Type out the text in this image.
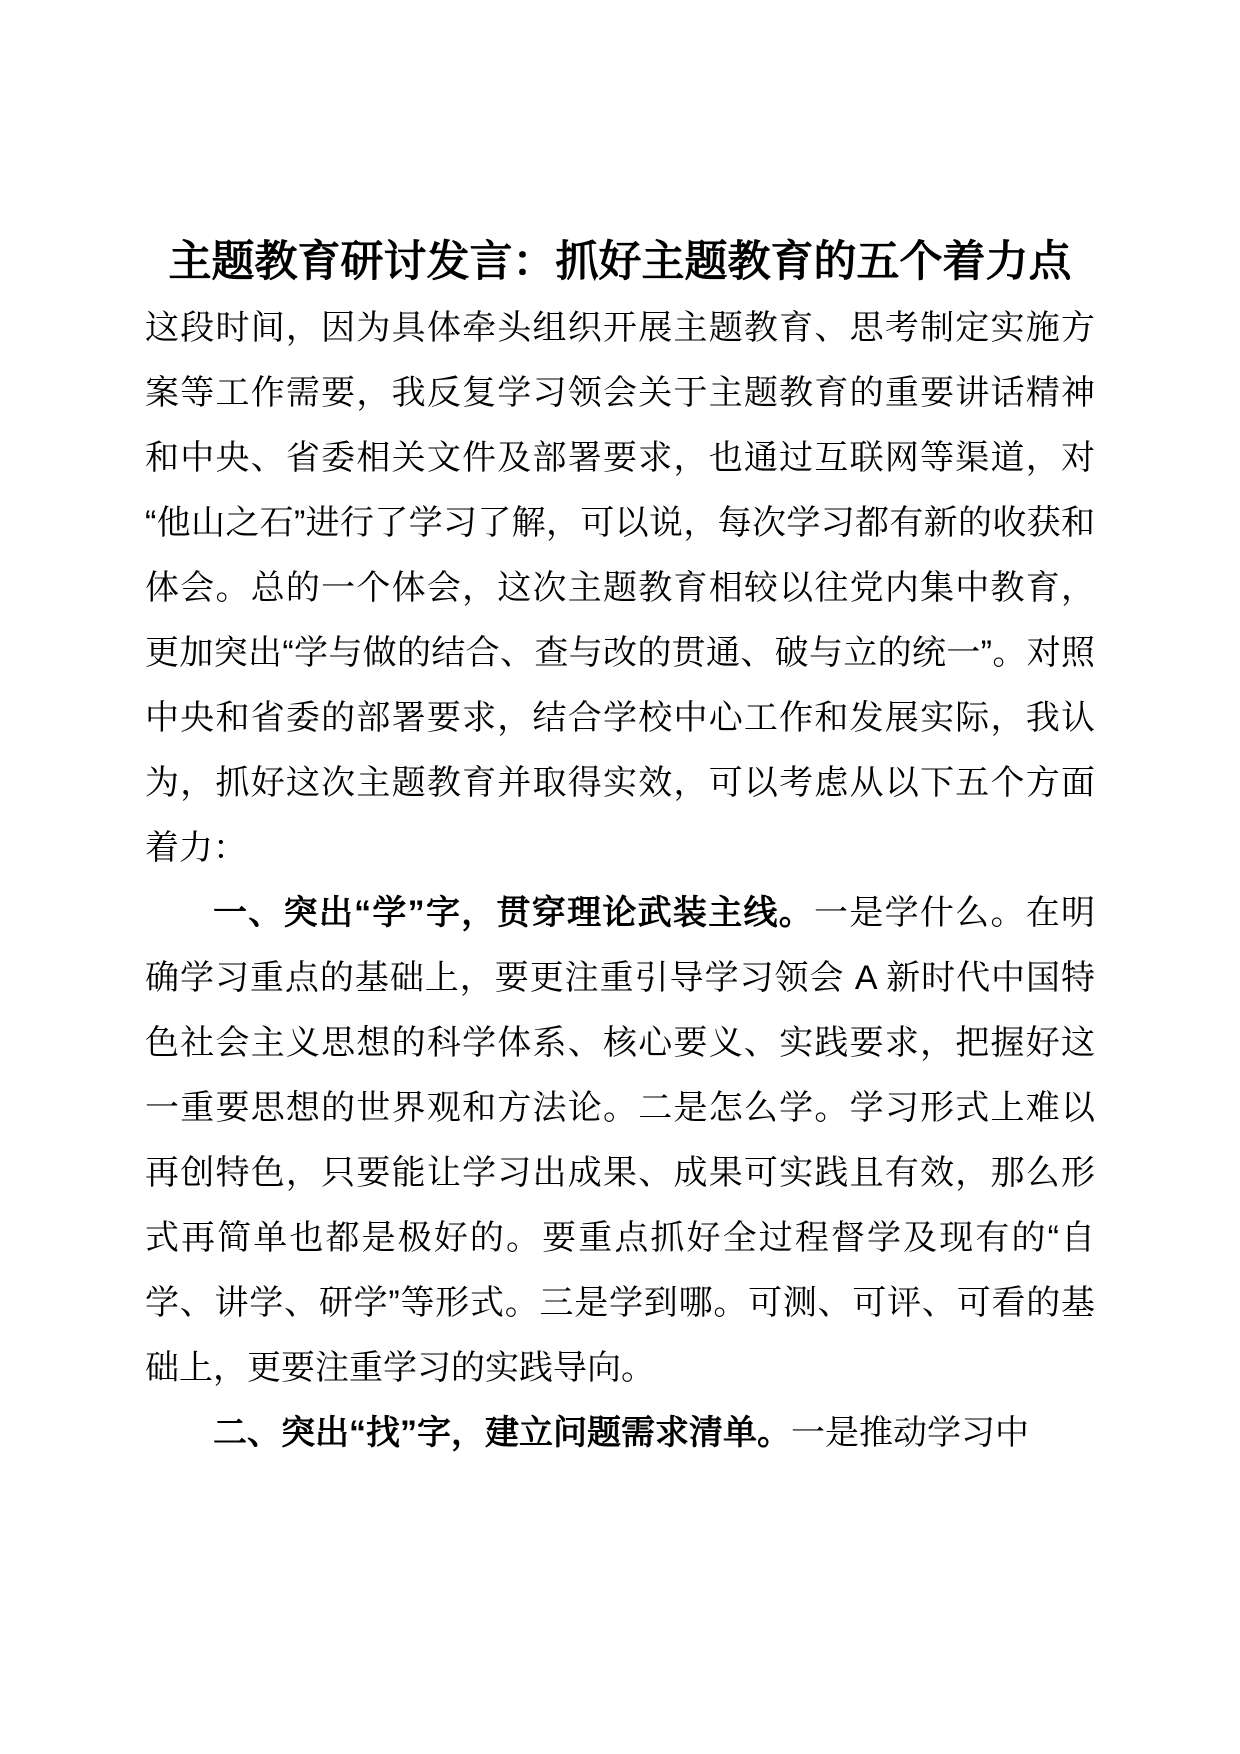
主题教育研讨发言：抓好主题教育的五个着力点

这段时间，因为具体牵头组织开展主题教育、思考制定实施方案等工作需要，我反复学习领会关于主题教育的重要讲话精神和中央、省委相关文件及部署要求，也通过互联网等渠道，对“他山之石”进行了学习了解，可以说，每次学习都有新的收获和体会。总的一个体会，这次主题教育相较以往党内集中教育，更加突出“学与做的结合、查与改的贯通、破与立的统一”。对照中央和省委的部署要求，结合学校中心工作和发展实际，我认为，抓好这次主题教育并取得实效，可以考虑从以下五个方面着力：

一、突出“学”字，贯穿理论武装主线。一是学什么。在明确学习重点的基础上，要更注重引导学习领会 A 新时代中国特色社会主义思想的科学体系、核心要义、实践要求，把握好这一重要思想的世界观和方法论。二是怎么学。学习形式上难以再创特色，只要能让学习出成果、成果可实践且有效，那么形式再简单也都是极好的。要重点抓好全过程督学及现有的“自学、讲学、研学”等形式。三是学到哪。可测、可评、可看的基础上，更要注重学习的实践导向。

二、突出“找”字，建立问题需求清单。一是推动学习中
